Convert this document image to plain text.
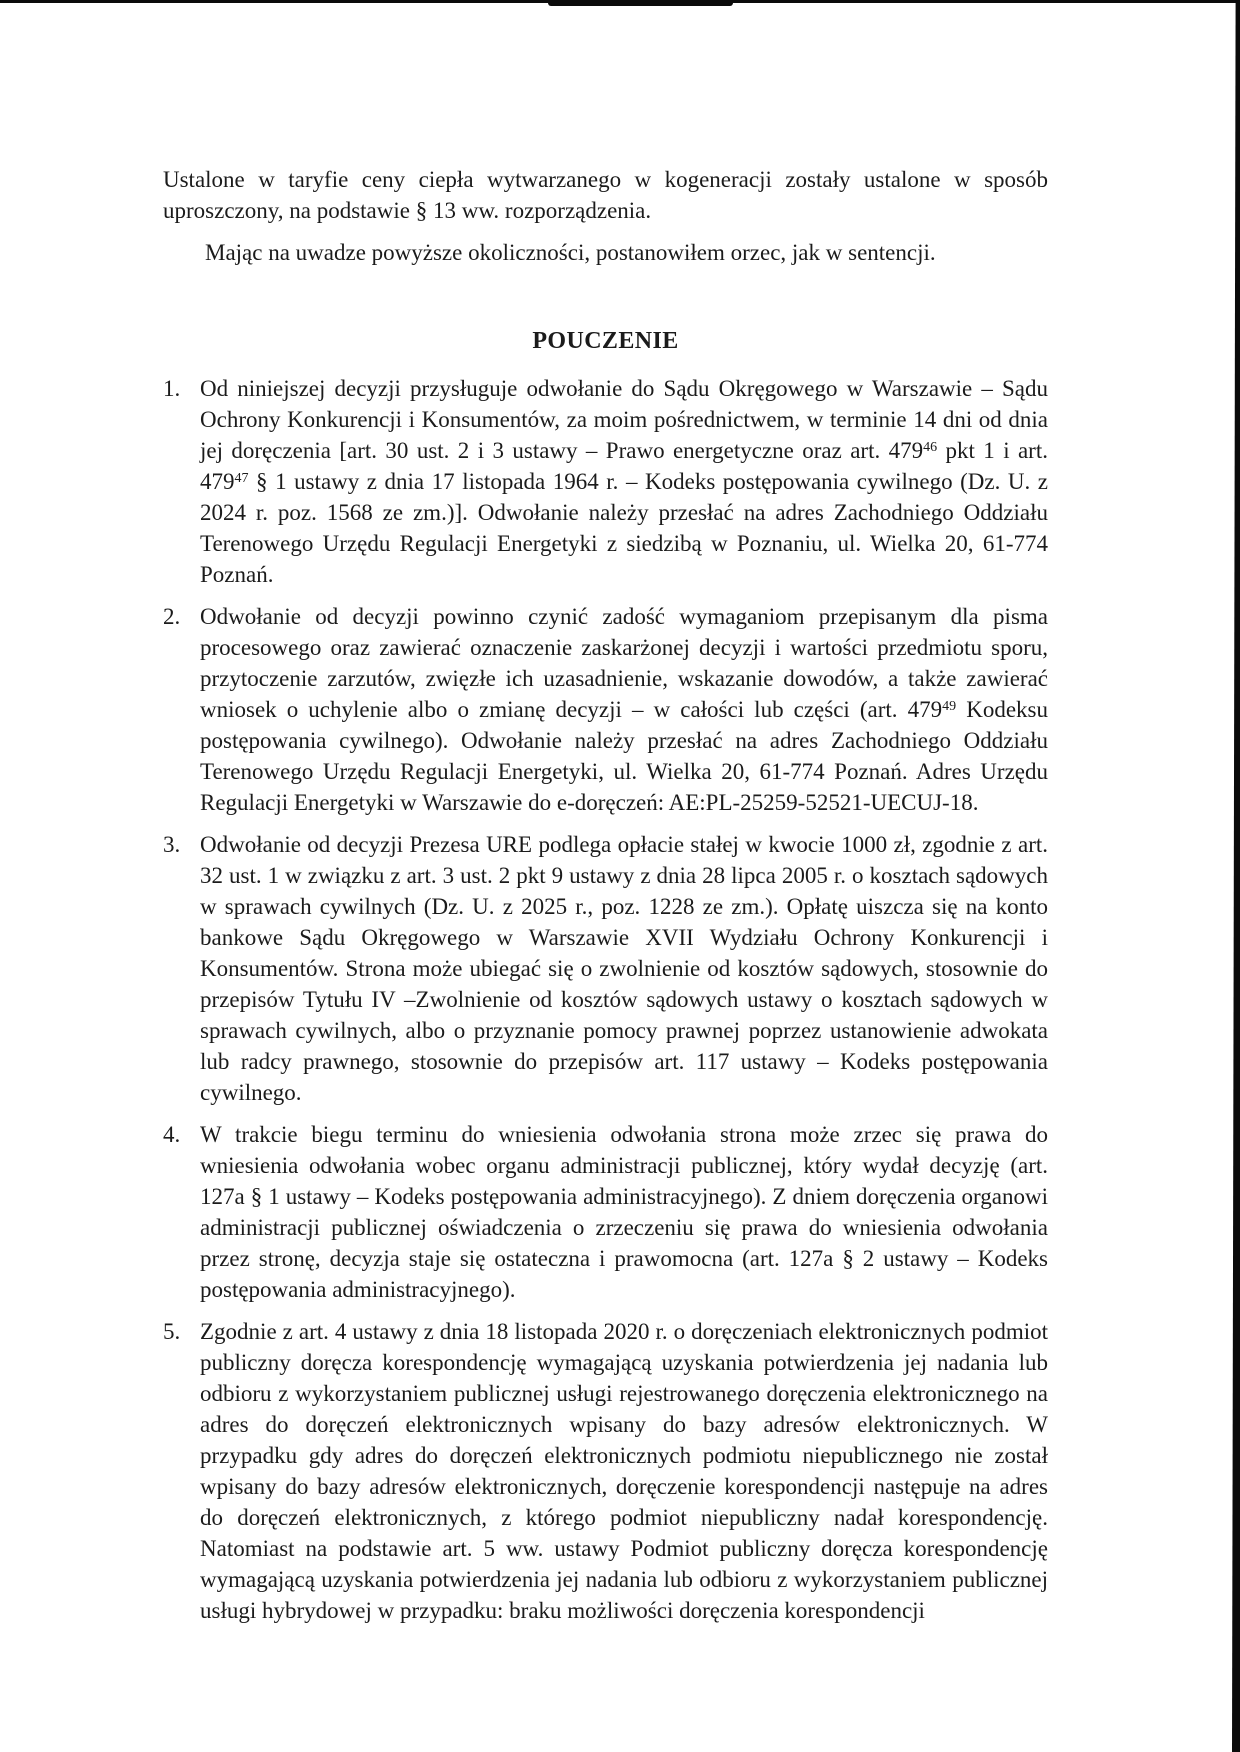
Ustalone w taryfie ceny ciepła wytwarzanego w kogeneracji zostały ustalone w sposób uproszczony, na podstawie § 13 ww. rozporządzenia.

Mając na uwadze powyższe okoliczności, postanowiłem orzec, jak w sentencji.

POUCZENIE
1. Od niniejszej decyzji przysługuje odwołanie do Sądu Okręgowego w Warszawie – Sądu Ochrony Konkurencji i Konsumentów, za moim pośrednictwem, w terminie 14 dni od dnia jej doręczenia [art. 30 ust. 2 i 3 ustawy – Prawo energetyczne oraz art. $479^{46}$ pkt 1 i art. $479^{47}$ § 1 ustawy z dnia 17 listopada 1964 r. – Kodeks postępowania cywilnego (Dz. U. z 2024 r. poz. 1568 ze zm.)]. Odwołanie należy przesłać na adres Zachodniego Oddziału Terenowego Urzędu Regulacji Energetyki z siedzibą w Poznaniu, ul. Wielka 20, 61-774 Poznań.
2. Odwołanie od decyzji powinno czynić zadość wymaganiom przepisanym dla pisma procesowego oraz zawierać oznaczenie zaskarżonej decyzji i wartości przedmiotu sporu, przytoczenie zarzutów, zwięzłe ich uzasadnienie, wskazanie dowodów, a także zawierać wniosek o uchylenie albo o zmianę decyzji – w całości lub części (art. $479^{49}$ Kodeksu postępowania cywilnego). Odwołanie należy przesłać na adres Zachodniego Oddziału Terenowego Urzędu Regulacji Energetyki, ul. Wielka 20, 61-774 Poznań. Adres Urzędu Regulacji Energetyki w Warszawie do e-doręczeń: AE:PL-25259-52521-UECUJ-18.
3. Odwołanie od decyzji Prezesa URE podlega opłacie stałej w kwocie 1000 zł, zgodnie z art. 32 ust. 1 w związku z art. 3 ust. 2 pkt 9 ustawy z dnia 28 lipca 2005 r. o kosztach sądowych w sprawach cywilnych (Dz. U. z 2025 r., poz. 1228 ze zm.). Opłatę uiszcza się na konto bankowe Sądu Okręgowego w Warszawie XVII Wydziału Ochrony Konkurencji i Konsumentów. Strona może ubiegać się o zwolnienie od kosztów sądowych, stosownie do przepisów Tytułu IV –Zwolnienie od kosztów sądowych ustawy o kosztach sądowych w sprawach cywilnych, albo o przyznanie pomocy prawnej poprzez ustanowienie adwokata lub radcy prawnego, stosownie do przepisów art. 117 ustawy – Kodeks postępowania cywilnego.
4. W trakcie biegu terminu do wniesienia odwołania strona może zrzec się prawa do wniesienia odwołania wobec organu administracji publicznej, który wydał decyzję (art. 127a § 1 ustawy – Kodeks postępowania administracyjnego). Z dniem doręczenia organowi administracji publicznej oświadczenia o zrzeczeniu się prawa do wniesienia odwołania przez stronę, decyzja staje się ostateczna i prawomocna (art. 127a § 2 ustawy – Kodeks postępowania administracyjnego).
5. Zgodnie z art. 4 ustawy z dnia 18 listopada 2020 r. o doręczeniach elektronicznych podmiot publiczny doręcza korespondencję wymagającą uzyskania potwierdzenia jej nadania lub odbioru z wykorzystaniem publicznej usługi rejestrowanego doręczenia elektronicznego na adres do doręczeń elektronicznych wpisany do bazy adresów elektronicznych. W przypadku gdy adres do doręczeń elektronicznych podmiotu niepublicznego nie został wpisany do bazy adresów elektronicznych, doręczenie korespondencji następuje na adres do doręczeń elektronicznych, z którego podmiot niepubliczny nadał korespondencję. Natomiast na podstawie art. 5 ww. ustawy Podmiot publiczny doręcza korespondencję wymagającą uzyskania potwierdzenia jej nadania lub odbioru z wykorzystaniem publicznej usługi hybrydowej w przypadku: braku możliwości doręczenia korespondencji
